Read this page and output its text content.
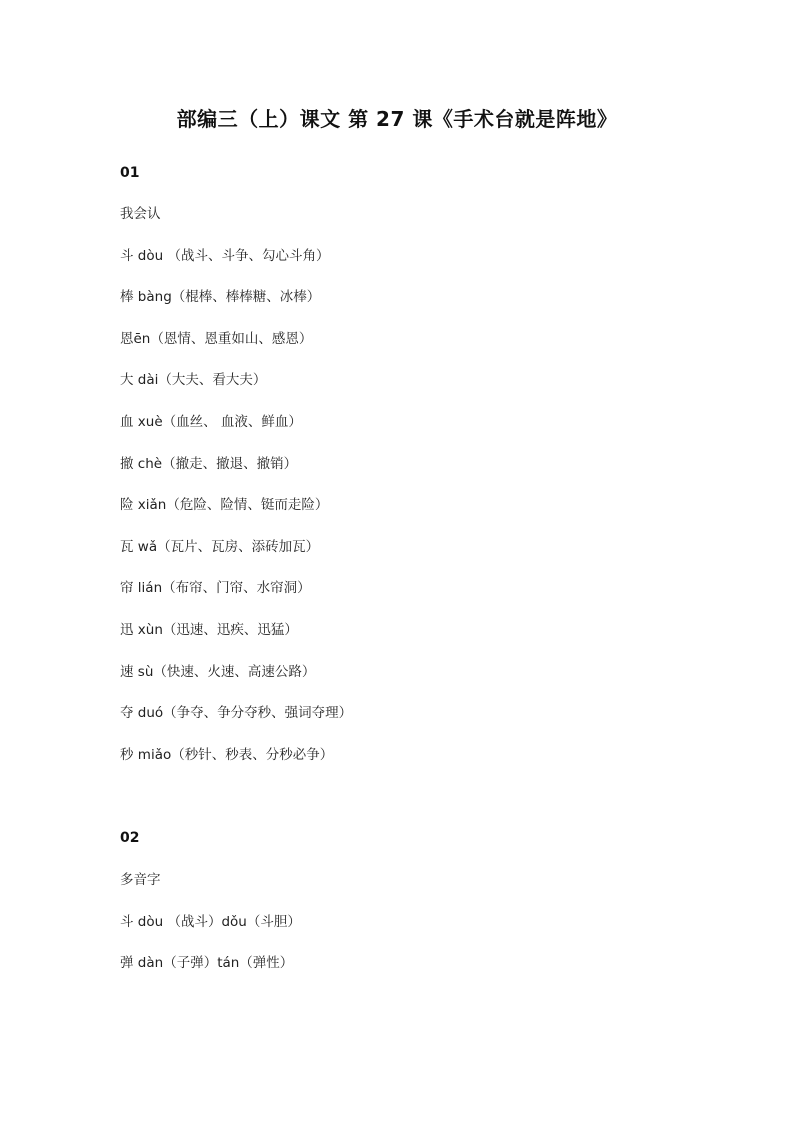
部编三（上）课文 第 27 课《手术台就是阵地》
01
我会认
斗 dòu （战斗、斗争、勾心斗角）
棒 bàng（棍棒、棒棒糖、冰棒）
恩ēn（恩情、恩重如山、感恩）
大 dài（大夫、看大夫）
血 xuè（血丝、 血液、鲜血）
撤 chè（撤走、撤退、撤销）
险 xiǎn（危险、险情、铤而走险）
瓦 wǎ（瓦片、瓦房、添砖加瓦）
帘 lián（布帘、门帘、水帘洞）
迅 xùn（迅速、迅疾、迅猛）
速 sù（快速、火速、高速公路）
夺 duó（争夺、争分夺秒、强词夺理）
秒 miǎo（秒针、秒表、分秒必争）
02
多音字
斗 dòu （战斗）dǒu（斗胆）
弹 dàn（子弹）tán（弹性）
